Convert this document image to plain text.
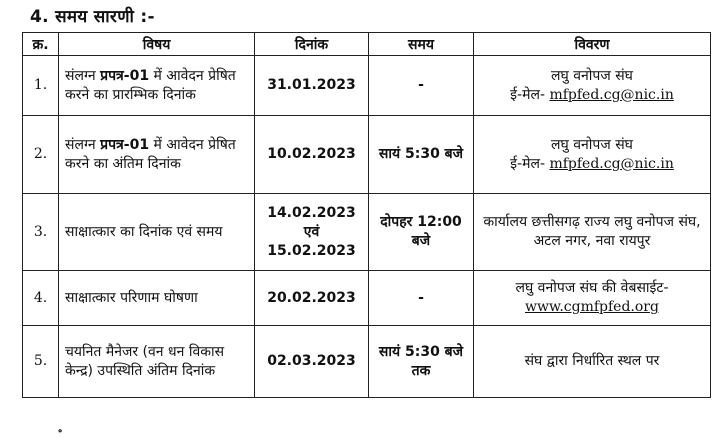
4. समय सारणी :-
क्र.	विषय	दिनांक	समय	विवरण
1.	संलग्न प्रपत्र-01 में आवेदन प्रेषित करने का प्रारम्भिक दिनांक	31.01.2023	-	लघु वनोपज संघ
ई-मेल- mfpfed.cg@nic.in

2.	संलग्न प्रपत्र-01 में आवेदन प्रेषित करने का अंतिम दिनांक	10.02.2023	सायं 5:30 बजे	लघु वनोपज संघ
ई-मेल- mfpfed.cg@nic.in

3.	साक्षात्कार का दिनांक एवं समय	14.02.2023
एवं
15.02.2023	दोपहर 12:00 बजे	कार्यालय छत्तीसगढ़ राज्य लघु वनोपज संघ, अटल नगर, नवा रायपुर
4.	साक्षात्कार परिणाम घोषणा	20.02.2023	-	लघु वनोपज संघ की वेबसाईट-
www.cgmfpfed.org

5.	चयनित मैनेजर (वन धन विकास केन्द्र) उपस्थिति अंतिम दिनांक	02.03.2023	सायं 5:30 बजे तक	संघ द्वारा निर्धारित स्थल पर
॰
